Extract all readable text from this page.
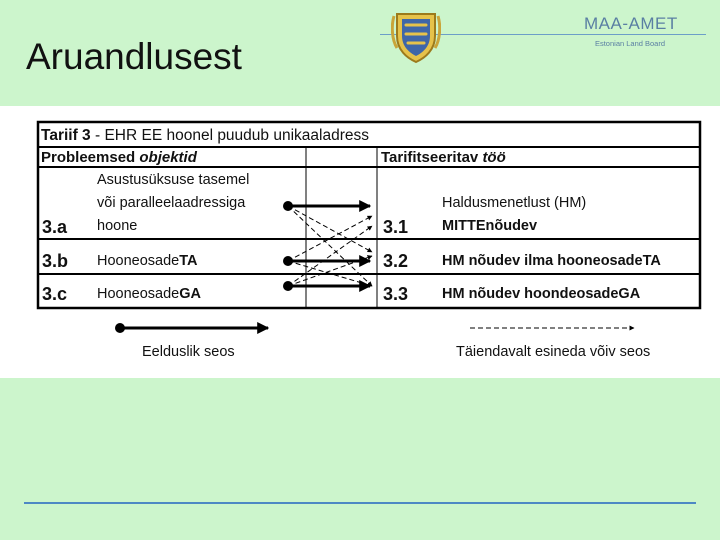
Aruandlusest
MAA-AMET
Estonian Land Board
Tariif 3 - EHR EE hoonel puudub unikaaladress
Probleemsed objektid	Tarifitseeritav töö
3.a
Asustusüksuse tasemel
või paralleelaadressiga
hoone
3.b HooneosadeTA
3.c HooneosadeGA
3.1
Haldusmenetlust (HM)
MITTEnõudev
3.2 HM nõudev ilma hooneosadeTA
3.3 HM nõudev hoondeosadeGA
Eelduslik seos	Täiendavalt esineda võiv seos
